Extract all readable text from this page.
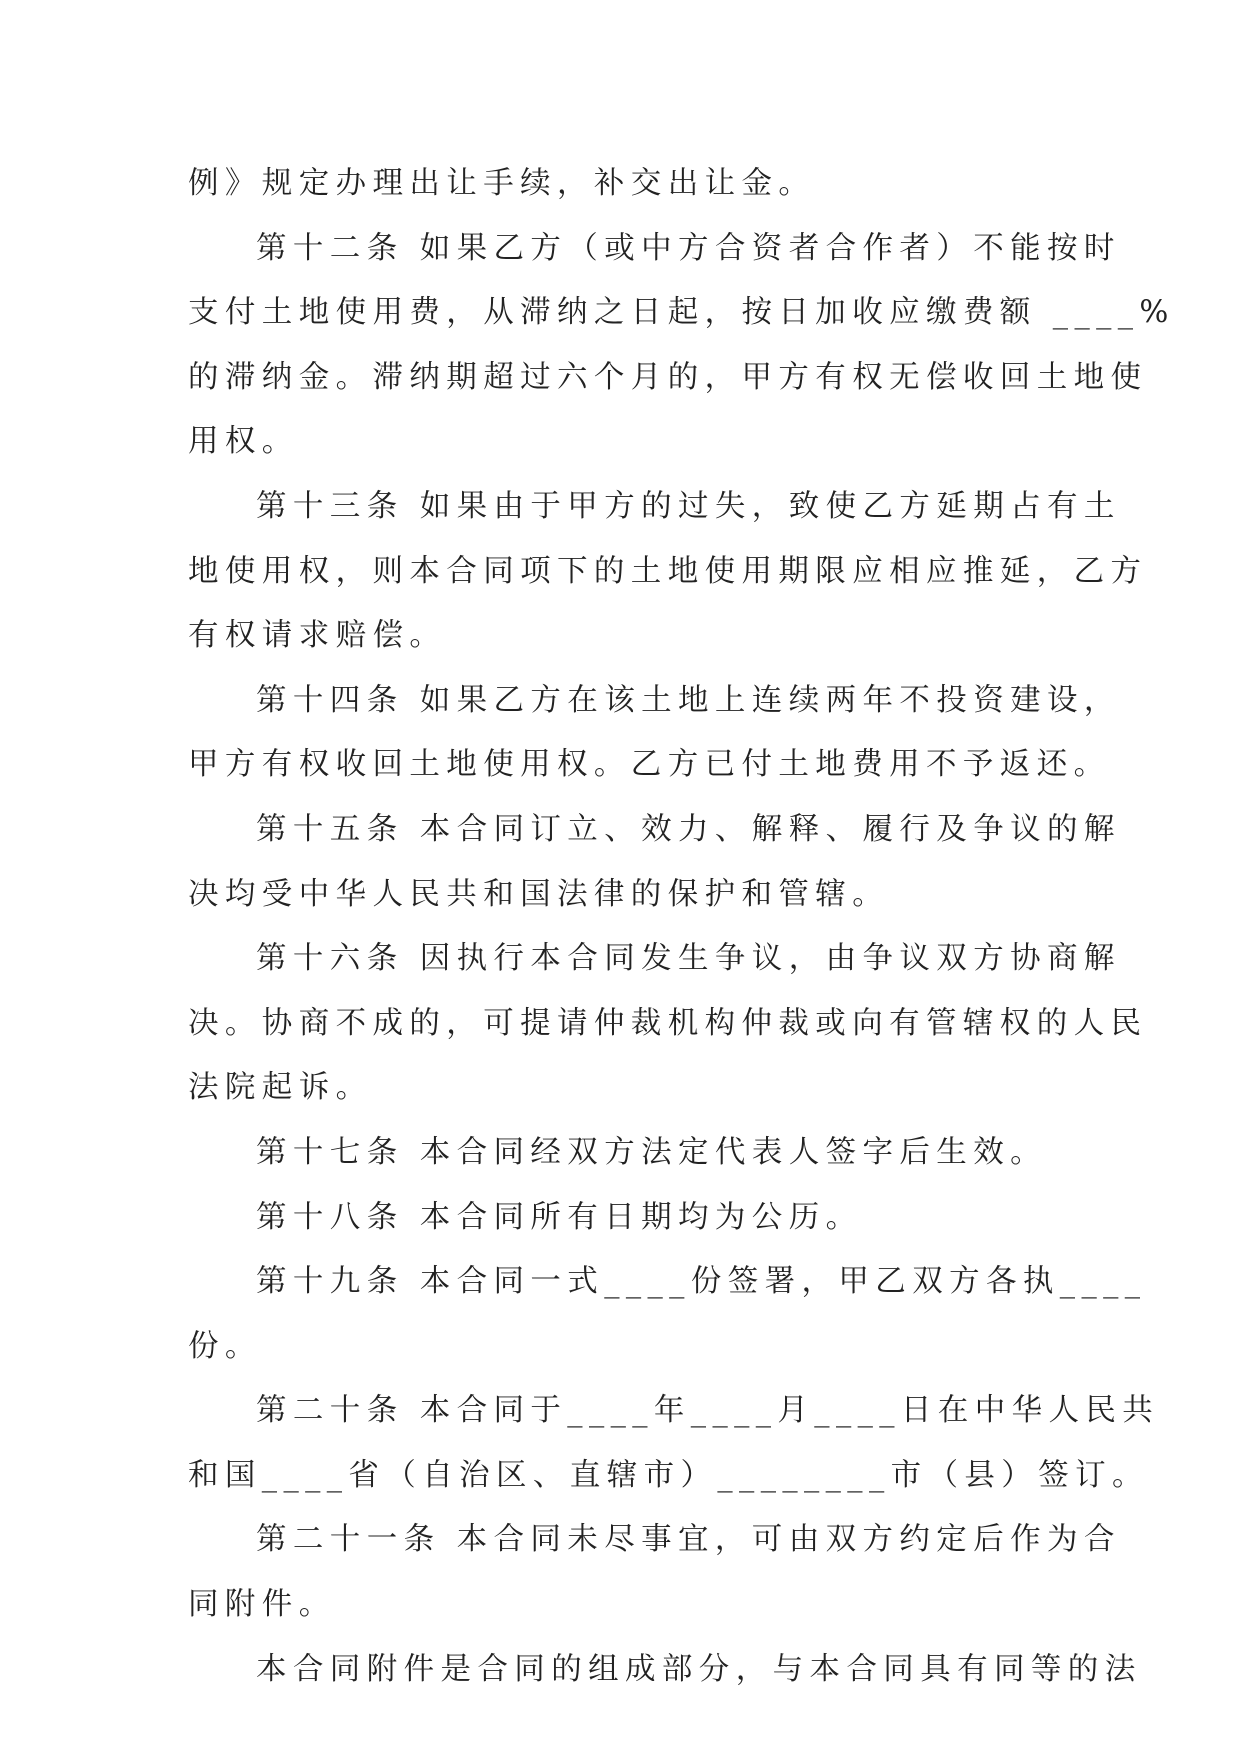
例》规定办理出让手续，补交出让金。
第十二条 如果乙方（或中方合资者合作者）不能按时
支付土地使用费，从滞纳之日起，按日加收应缴费额 ____%
的滞纳金。滞纳期超过六个月的，甲方有权无偿收回土地使
用权。
第十三条 如果由于甲方的过失，致使乙方延期占有土
地使用权，则本合同项下的土地使用期限应相应推延，乙方
有权请求赔偿。
第十四条 如果乙方在该土地上连续两年不投资建设，
甲方有权收回土地使用权。乙方已付土地费用不予返还。
第十五条 本合同订立、效力、解释、履行及争议的解
决均受中华人民共和国法律的保护和管辖。
第十六条 因执行本合同发生争议，由争议双方协商解
决。协商不成的，可提请仲裁机构仲裁或向有管辖权的人民
法院起诉。
第十七条 本合同经双方法定代表人签字后生效。
第十八条 本合同所有日期均为公历。
第十九条 本合同一式____份签署，甲乙双方各执____
份。
第二十条 本合同于____年____月____日在中华人民共
和国____省（自治区、直辖市）________市（县）签订。
第二十一条 本合同未尽事宜，可由双方约定后作为合
同附件。
本合同附件是合同的组成部分，与本合同具有同等的法
